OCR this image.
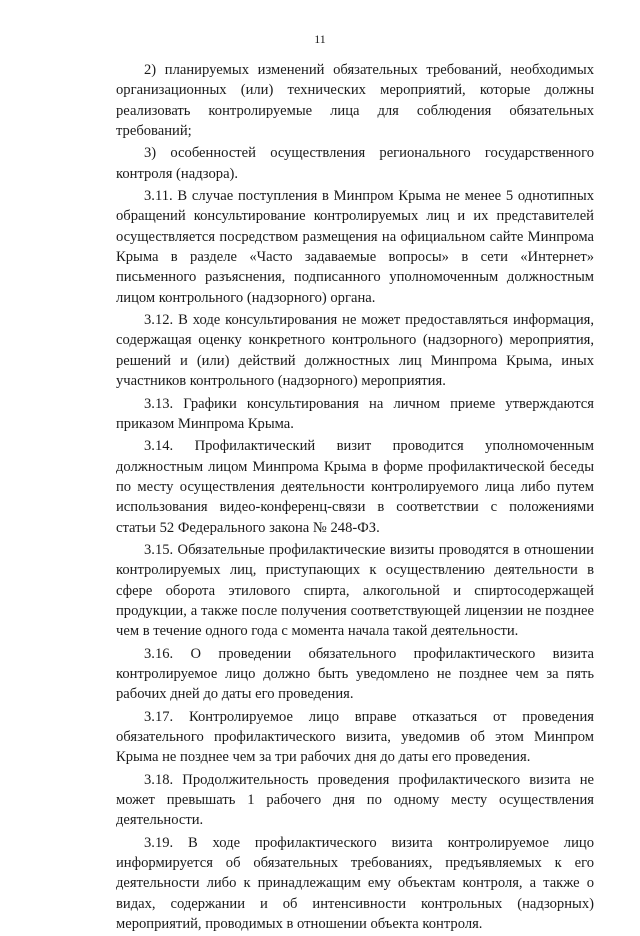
11

2) планируемых изменений обязательных требований, необходимых организационных (или) технических мероприятий, которые должны реализовать контролируемые лица для соблюдения обязательных требований;

3) особенностей осуществления регионального государственного контроля (надзора).

3.11. В случае поступления в Минпром Крыма не менее 5 однотипных обращений консультирование контролируемых лиц и их представителей осуществляется посредством размещения на официальном сайте Минпрома Крыма в разделе «Часто задаваемые вопросы» в сети «Интернет» письменного разъяснения, подписанного уполномоченным должностным лицом контрольного (надзорного) органа.

3.12. В ходе консультирования не может предоставляться информация, содержащая оценку конкретного контрольного (надзорного) мероприятия, решений и (или) действий должностных лиц Минпрома Крыма, иных участников контрольного (надзорного) мероприятия.

3.13. Графики консультирования на личном приеме утверждаются приказом Минпрома Крыма.

3.14. Профилактический визит проводится уполномоченным должностным лицом Минпрома Крыма в форме профилактической беседы по месту осуществления деятельности контролируемого лица либо путем использования видео-конференц-связи в соответствии с положениями статьи 52 Федерального закона № 248-ФЗ.

3.15. Обязательные профилактические визиты проводятся в отношении контролируемых лиц, приступающих к осуществлению деятельности в сфере оборота этилового спирта, алкогольной и спиртосодержащей продукции, а также после получения соответствующей лицензии не позднее чем в течение одного года с момента начала такой деятельности.

3.16. О проведении обязательного профилактического визита контролируемое лицо должно быть уведомлено не позднее чем за пять рабочих дней до даты его проведения.

3.17. Контролируемое лицо вправе отказаться от проведения обязательного профилактического визита, уведомив об этом Минпром Крыма не позднее чем за три рабочих дня до даты его проведения.

3.18. Продолжительность проведения профилактического визита не может превышать 1 рабочего дня по одному месту осуществления деятельности.

3.19. В ходе профилактического визита контролируемое лицо информируется об обязательных требованиях, предъявляемых к его деятельности либо к принадлежащим ему объектам контроля, а также о видах, содержании и об интенсивности контрольных (надзорных) мероприятий, проводимых в отношении объекта контроля.
